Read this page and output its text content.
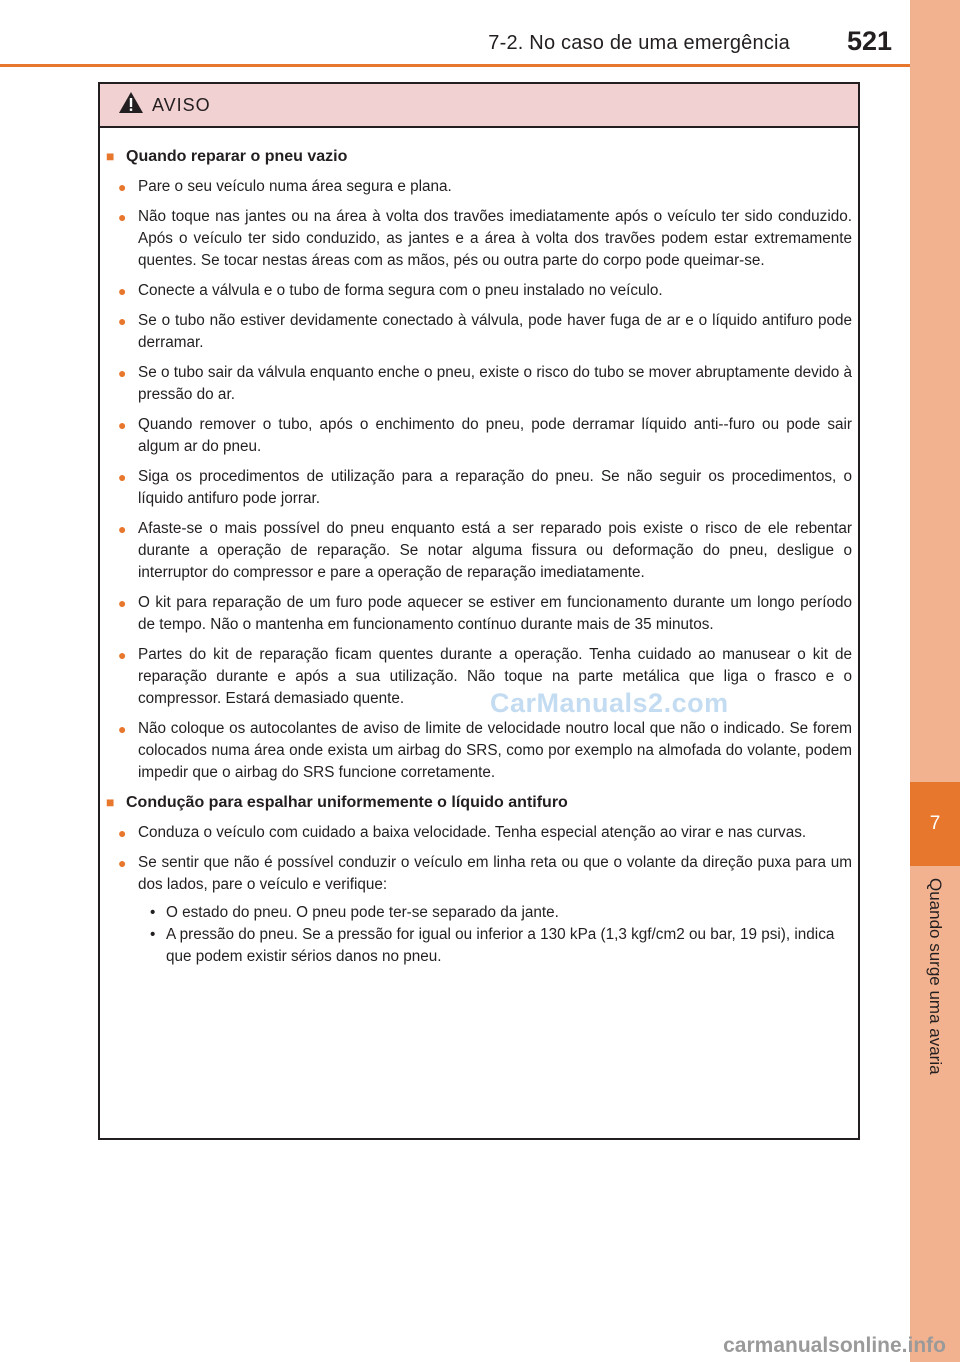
7
Quando surge uma avaria
7-2. No caso de uma emergência 521
AVISO
■ Quando reparar o pneu vazio
● Pare o seu veículo numa área segura e plana.
● Não toque nas jantes ou na área à volta dos travões imediatamente após o veículo ter sido conduzido. Após o veículo ter sido conduzido, as jantes e a área à volta dos travões podem estar extremamente quentes. Se tocar nestas áreas com as mãos, pés ou outra parte do corpo pode queimar-se.
● Conecte a válvula e o tubo de forma segura com o pneu instalado no veículo.
● Se o tubo não estiver devidamente conectado à válvula, pode haver fuga de ar e o líquido antifuro pode derramar.
● Se o tubo sair da válvula enquanto enche o pneu, existe o risco do tubo se mover abruptamente devido à pressão do ar.
● Quando remover o tubo, após o enchimento do pneu, pode derramar líquido anti--furo ou pode sair algum ar do pneu.
● Siga os procedimentos de utilização para a reparação do pneu. Se não seguir os procedimentos, o líquido antifuro pode jorrar.
● Afaste-se o mais possível do pneu enquanto está a ser reparado pois existe o risco de ele rebentar durante a operação de reparação. Se notar alguma fissura ou deformação do pneu, desligue o interruptor do compressor e pare a operação de reparação imediatamente.
● O kit para reparação de um furo pode aquecer se estiver em funcionamento durante um longo período de tempo. Não o mantenha em funcionamento contínuo durante mais de 35 minutos.
● Partes do kit de reparação ficam quentes durante a operação. Tenha cuidado ao manusear o kit de reparação durante e após a sua utilização. Não toque na parte metálica que liga o frasco e o compressor. Estará demasiado quente.
● Não coloque os autocolantes de aviso de limite de velocidade noutro local que não o indicado. Se forem colocados numa área onde exista um airbag do SRS, como por exemplo na almofada do volante, podem impedir que o airbag do SRS funcione corretamente.
■ Condução para espalhar uniformemente o líquido antifuro
● Conduza o veículo com cuidado a baixa velocidade. Tenha especial atenção ao virar e nas curvas.
● Se sentir que não é possível conduzir o veículo em linha reta ou que o volante da direção puxa para um dos lados, pare o veículo e verifique:
• O estado do pneu. O pneu pode ter-se separado da jante.
• A pressão do pneu. Se a pressão for igual ou inferior a 130 kPa (1,3 kgf/cm2 ou bar, 19 psi), indica que podem existir sérios danos no pneu.
CarManuals2.com
carmanualsonline.info
